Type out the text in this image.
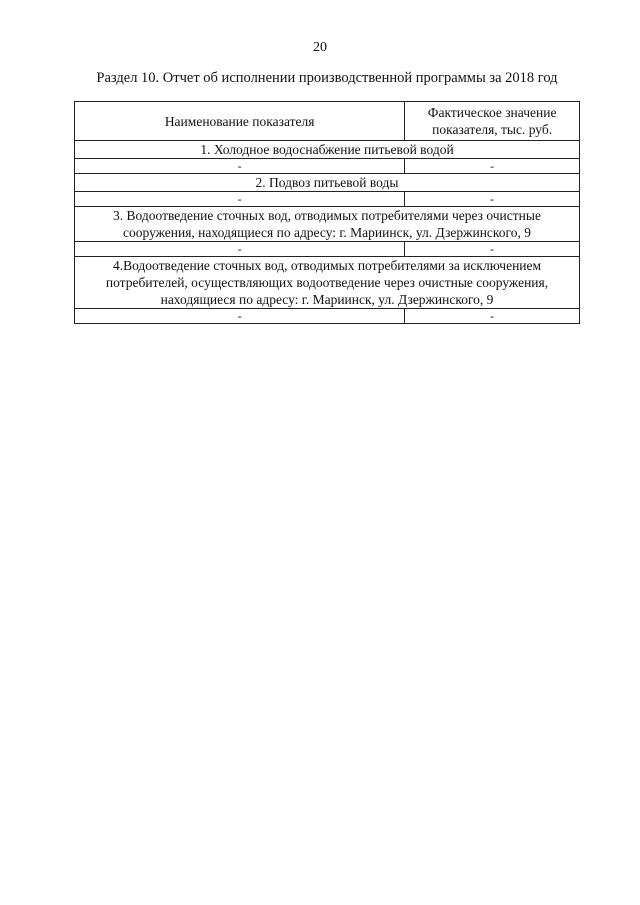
20
Раздел 10. Отчет об исполнении производственной программы за 2018 год
Наименование показателя	Фактическое значение показателя, тыс. руб.
1. Холодное водоснабжение питьевой водой	
-	-
2. Подвоз питьевой воды	
-	-
3. Водоотведение сточных вод, отводимых потребителями через очистные сооружения, находящиеся по адресу: г. Мариинск, ул. Дзержинского, 9	
-	-
4.Водоотведение сточных вод, отводимых потребителями за исключением потребителей, осуществляющих водоотведение через очистные сооружения, находящиеся по адресу: г. Мариинск, ул. Дзержинского, 9	
-	-
